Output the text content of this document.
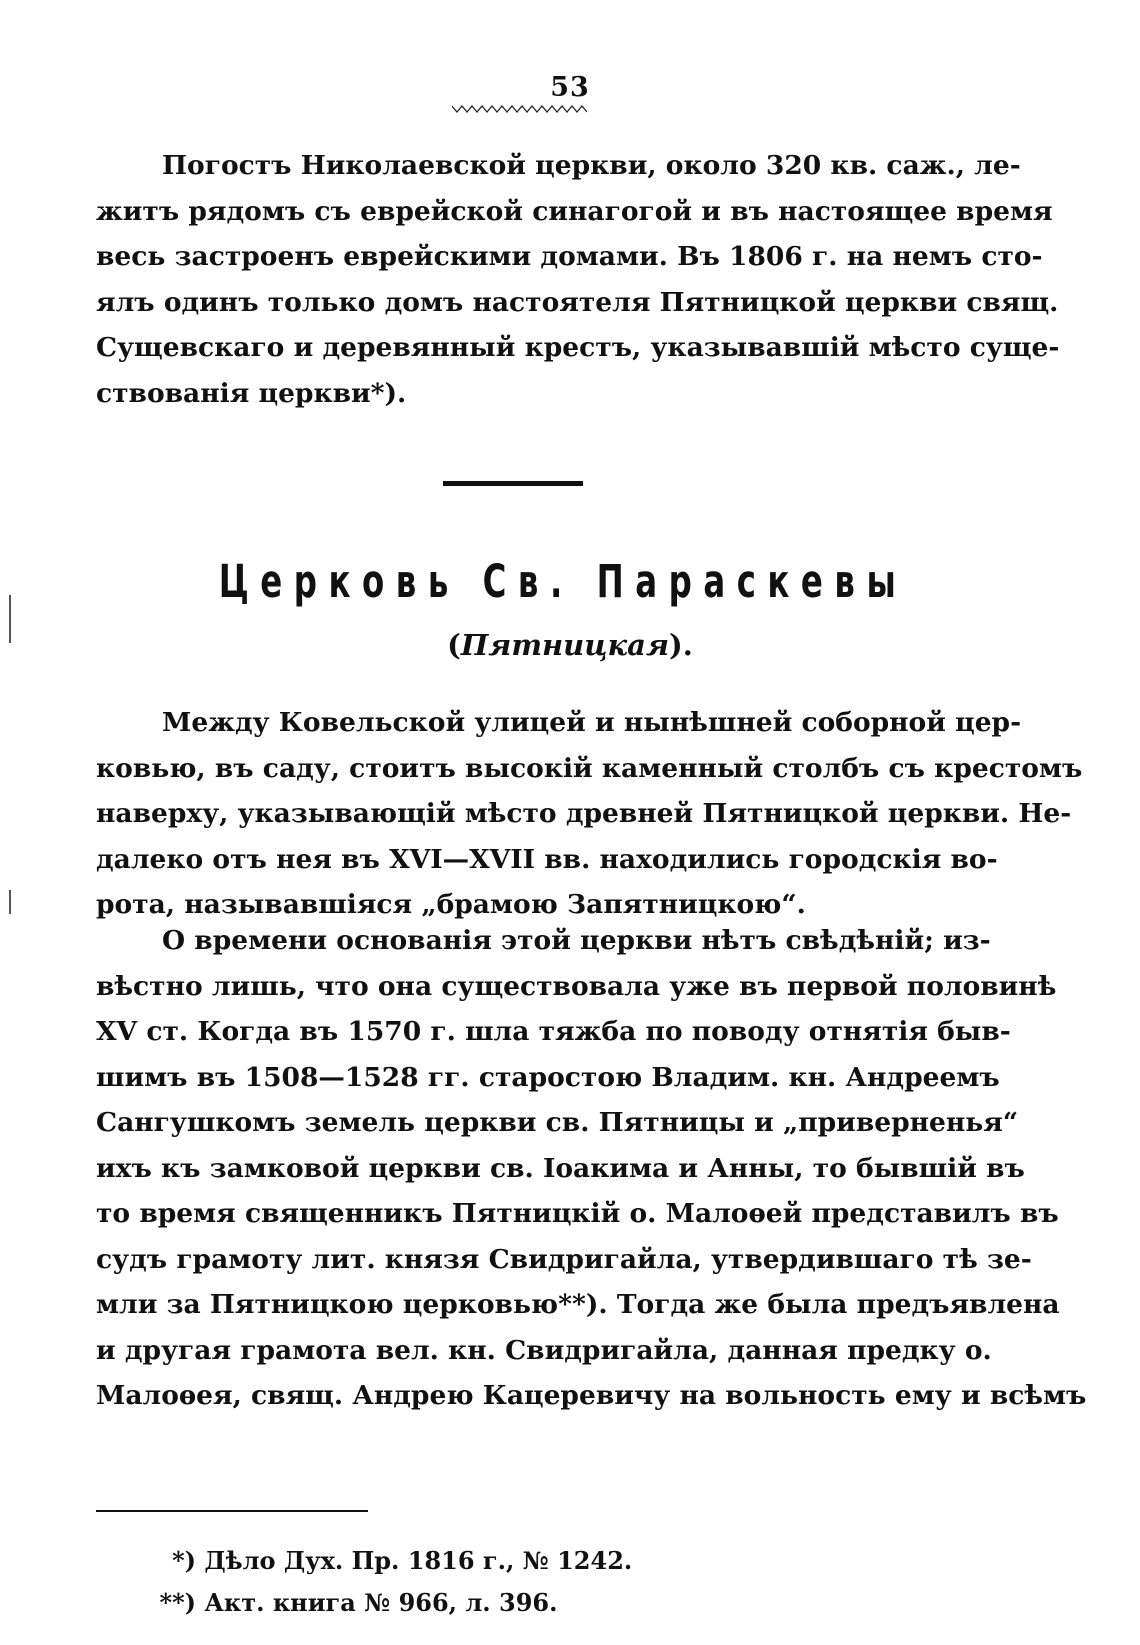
53
Погостъ Николаевской церкви, около 320 кв. саж., ле-
житъ рядомъ съ еврейской синагогой и въ настоящее время
весь застроенъ еврейскими домами. Въ 1806 г. на немъ сто-
ялъ одинъ только домъ настоятеля Пятницкой церкви свящ.
Сущевскаго и деревянный крестъ, указывавшій мѣсто суще-
ствованія церкви*).
Церковь Св. Параскевы
(Пятницкая).
Между Ковельской улицей и нынѣшней соборной цер-
ковью, въ саду, стоитъ высокій каменный столбъ съ крестомъ
наверху, указывающій мѣсто древней Пятницкой церкви. Не-
далеко отъ нея въ XVI—XVII вв. находились городскія во-
рота, называвшіяся „брамою Запятницкою“.
О времени основанія этой церкви нѣтъ свѣдѣній; из-
вѣстно лишь, что она существовала уже въ первой половинѣ
XV ст. Когда въ 1570 г. шла тяжба по поводу отнятія быв-
шимъ въ 1508—1528 гг. старостою Владим. кн. Андреемъ
Сангушкомъ земель церкви св. Пятницы и „приверненья“
ихъ къ замковой церкви св. Іоакима и Анны, то бывшій въ
то время священникъ Пятницкій о. Малоѳей представилъ въ
судъ грамоту лит. князя Свидригайла, утвердившаго тѣ зе-
мли за Пятницкою церковью**). Тогда же была предъявлена
и другая грамота вел. кн. Свидригайла, данная предку о.
Малоѳея, свящ. Андрею Кацеревичу на вольность ему и всѣмъ
*) Дѣло Дух. Пр. 1816 г., № 1242.
**) Акт. книга № 966, л. 396.
